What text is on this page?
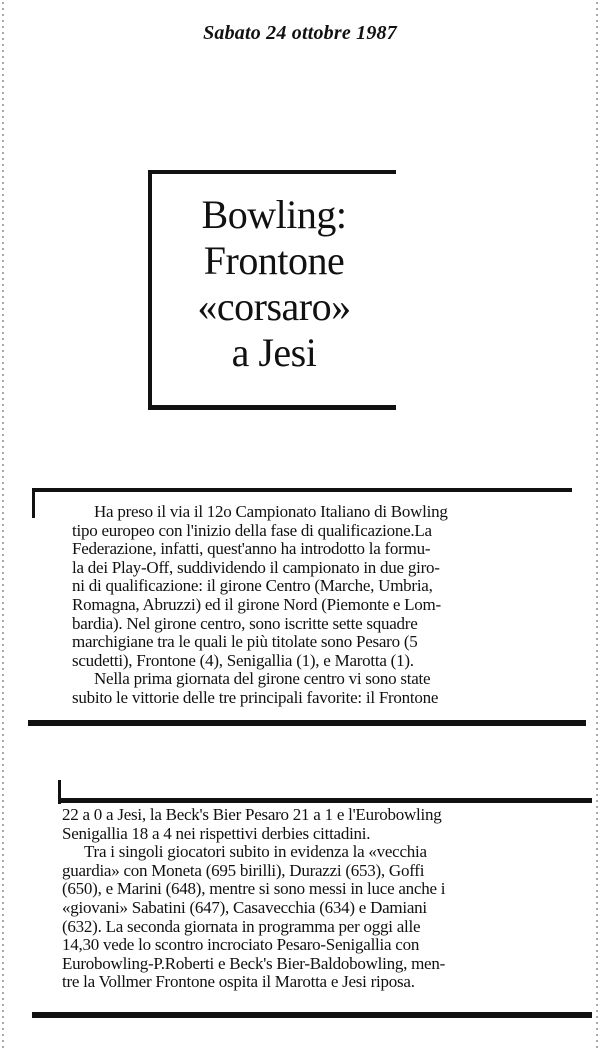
Sabato 24 ottobre 1987
Bowling:
Frontone
«corsaro»
a Jesi
Ha preso il via il 12o Campionato Italiano di Bowling
tipo europeo con l'inizio della fase di qualificazione.La
Federazione, infatti, quest'anno ha introdotto la formu-
la dei Play-Off, suddividendo il campionato in due giro-
ni di qualificazione: il girone Centro (Marche, Umbria,
Romagna, Abruzzi) ed il girone Nord (Piemonte e Lom-
bardia). Nel girone centro, sono iscritte sette squadre
marchigiane tra le quali le più titolate sono Pesaro (5
scudetti), Frontone (4), Senigallia (1), e Marotta (1).
Nella prima giornata del girone centro vi sono state
subito le vittorie delle tre principali favorite: il Frontone
22 a 0 a Jesi, la Beck's Bier Pesaro 21 a 1 e l'Eurobowling
Senigallia 18 a 4 nei rispettivi derbies cittadini.
Tra i singoli giocatori subito in evidenza la «vecchia
guardia» con Moneta (695 birilli), Durazzi (653), Goffi
(650), e Marini (648), mentre si sono messi in luce anche i
«giovani» Sabatini (647), Casavecchia (634) e Damiani
(632). La seconda giornata in programma per oggi alle
14,30 vede lo scontro incrociato Pesaro-Senigallia con
Eurobowling-P.Roberti e Beck's Bier-Baldobowling, men-
tre la Vollmer Frontone ospita il Marotta e Jesi riposa.
